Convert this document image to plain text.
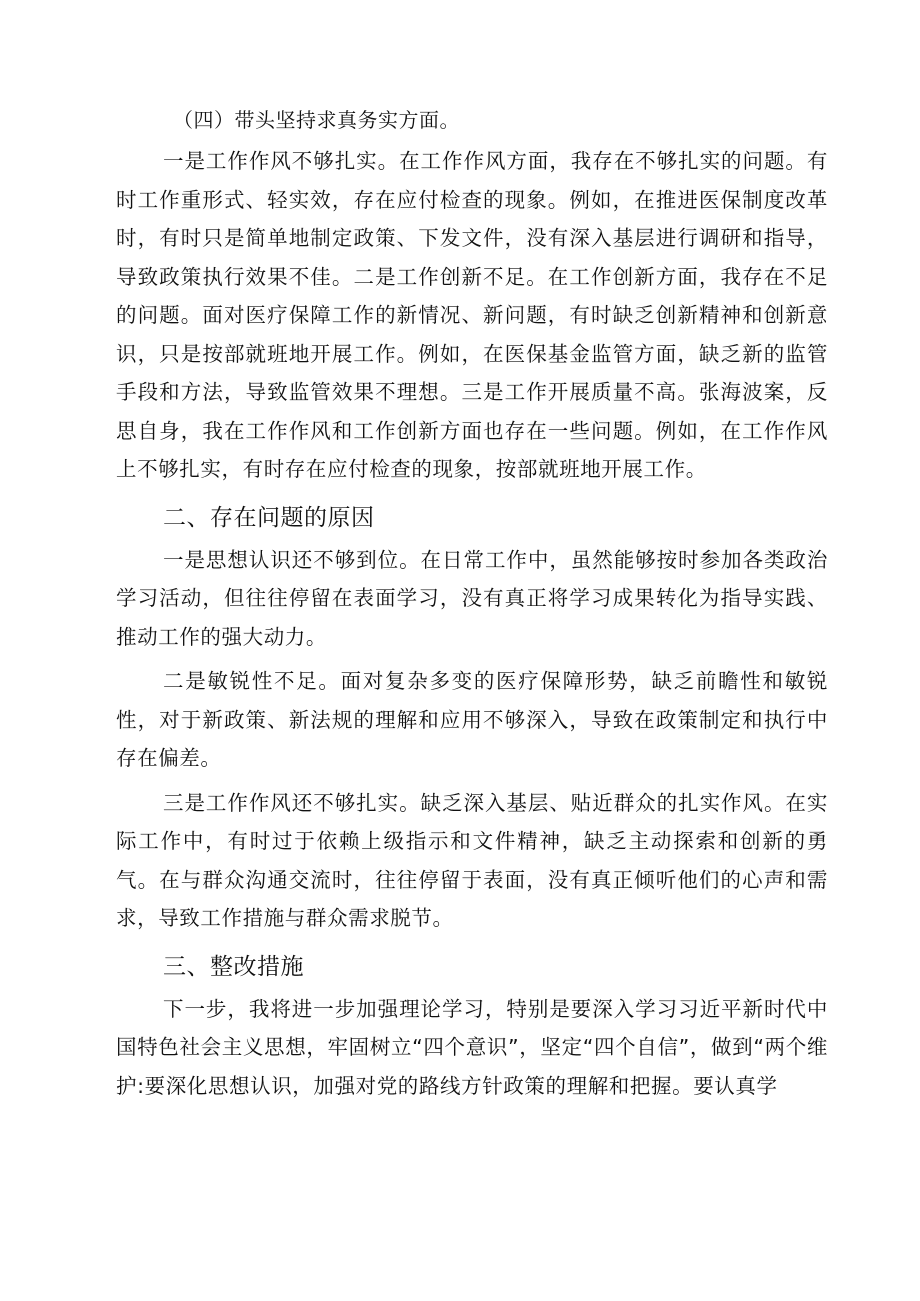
（四）带头坚持求真务实方面。

一是工作作风不够扎实。在工作作风方面，我存在不够扎实的问题。有时工作重形式、轻实效，存在应付检查的现象。例如，在推进医保制度改革时，有时只是简单地制定政策、下发文件，没有深入基层进行调研和指导，导致政策执行效果不佳。二是工作创新不足。在工作创新方面，我存在不足的问题。面对医疗保障工作的新情况、新问题，有时缺乏创新精神和创新意识，只是按部就班地开展工作。例如，在医保基金监管方面，缺乏新的监管手段和方法，导致监管效果不理想。三是工作开展质量不高。张海波案，反思自身，我在工作作风和工作创新方面也存在一些问题。例如，在工作作风上不够扎实，有时存在应付检查的现象，按部就班地开展工作。

二、存在问题的原因

一是思想认识还不够到位。在日常工作中，虽然能够按时参加各类政治学习活动，但往往停留在表面学习，没有真正将学习成果转化为指导实践、推动工作的强大动力。

二是敏锐性不足。面对复杂多变的医疗保障形势，缺乏前瞻性和敏锐性，对于新政策、新法规的理解和应用不够深入，导致在政策制定和执行中存在偏差。

三是工作作风还不够扎实。缺乏深入基层、贴近群众的扎实作风。在实际工作中，有时过于依赖上级指示和文件精神，缺乏主动探索和创新的勇气。在与群众沟通交流时，往往停留于表面，没有真正倾听他们的心声和需求，导致工作措施与群众需求脱节。

三、整改措施

下一步，我将进一步加强理论学习，特别是要深入学习习近平新时代中国特色社会主义思想，牢固树立“四个意识”，坚定“四个自信”，做到“两个维护:要深化思想认识，加强对党的路线方针政策的理解和把握。要认真学
